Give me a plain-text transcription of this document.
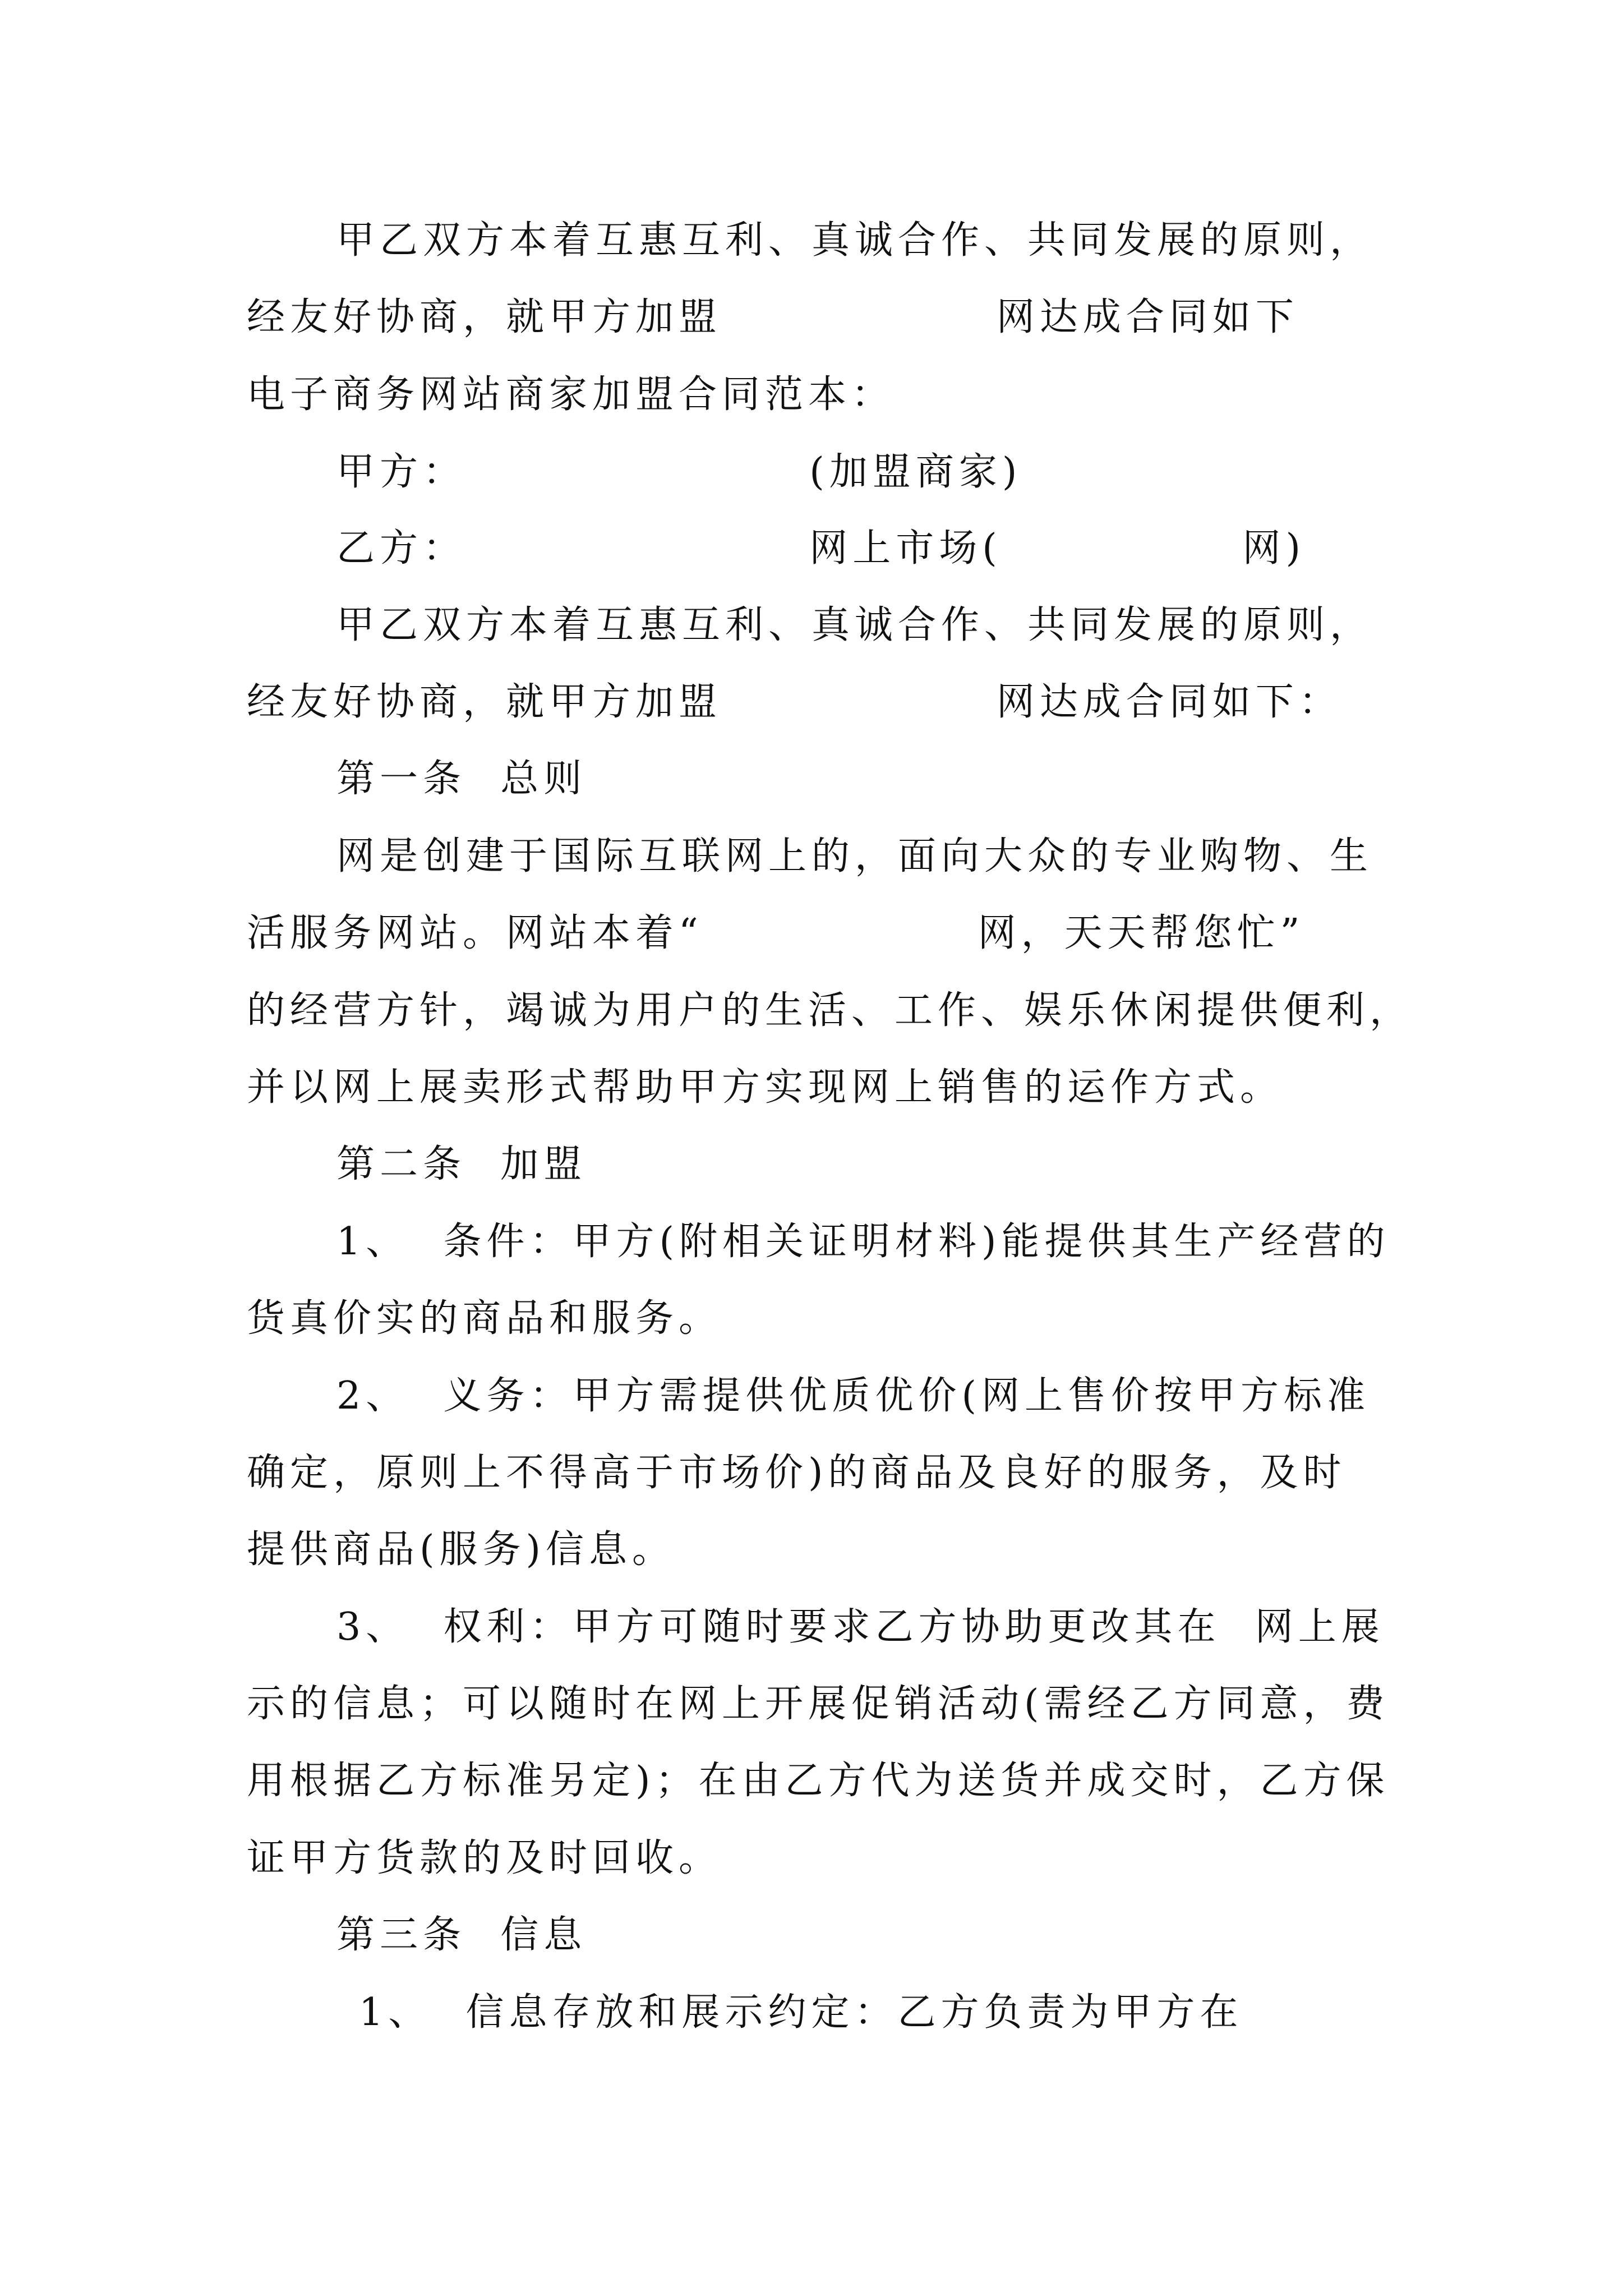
甲乙双方本着互惠互利、真诚合作、共同发展的原则，
经友好协商，就甲方加盟                网达成合同如下
电子商务网站商家加盟合同范本：
甲方：                    (加盟商家)
乙方：                    网上市场(              网)
甲乙双方本着互惠互利、真诚合作、共同发展的原则，
经友好协商，就甲方加盟                网达成合同如下：
第一条  总则
网是创建于国际互联网上的，面向大众的专业购物、生
活服务网站。网站本着“                网，天天帮您忙”
的经营方针，竭诚为用户的生活、工作、娱乐休闲提供便利，
并以网上展卖形式帮助甲方实现网上销售的运作方式。
第二条  加盟
1、  条件：甲方(附相关证明材料)能提供其生产经营的
货真价实的商品和服务。
2、  义务：甲方需提供优质优价(网上售价按甲方标准
确定，原则上不得高于市场价)的商品及良好的服务，及时
提供商品(服务)信息。
3、  权利：甲方可随时要求乙方协助更改其在  网上展
示的信息；可以随时在网上开展促销活动(需经乙方同意，费
用根据乙方标准另定)；在由乙方代为送货并成交时，乙方保
证甲方货款的及时回收。
第三条  信息
1、  信息存放和展示约定：乙方负责为甲方在
